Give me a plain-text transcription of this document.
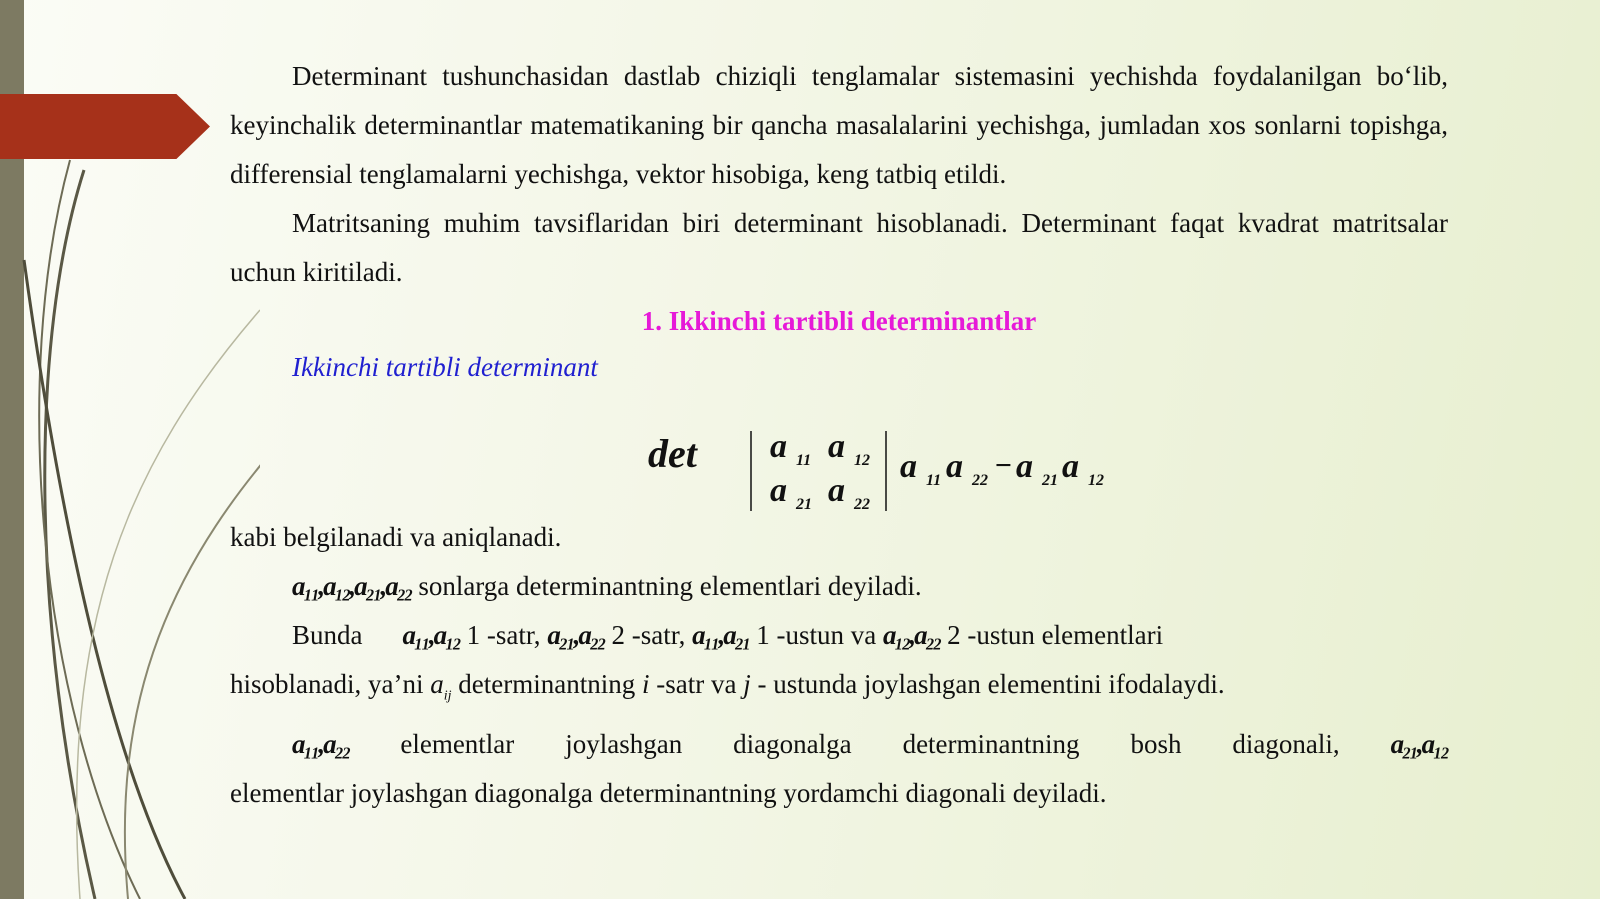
Determinant tushunchasidan dastlab chiziqli tenglamalar sistemasini yechishda foydalanilgan bo‘lib, keyinchalik determinantlar matematikaning bir qancha masalalarini yechishga, jumladan xos sonlarni topishga, differensial tenglamalarni yechishga, vektor hisobiga, keng tatbiq etildi.

Matritsaning muhim tavsiflaridan biri determinant hisoblanadi. Determinant faqat kvadrat matritsalar uchun kiritiladi.

1. Ikkinchi tartibli determinantlar

Ikkinchi tartibli determinant

det a 11 a 12
a 21 a 22
a 11 a 22 − a 21 a 12

kabi belgilanadi va aniqlanadi.

a₁₁,a₁₂,a₂₁,a₂₂ sonlarga determinantning elementlari deyiladi.

Bunda a₁₁,a₁₂ 1 -satr, a₂₁,a₂₂ 2 -satr, a₁₁,a₂₁ 1 -ustun va a₁₂,a₂₂ 2 -ustun elementlari

hisoblanadi, ya’ni $a_{ij}$ determinantning i -satr va j - ustunda joylashgan elementini ifodalaydi.

a₁₁,a₂₂ elementlar joylashgan diagonalga determinantning bosh diagonali, a₂₁,a₁₂

elementlar joylashgan diagonalga determinantning yordamchi diagonali deyiladi.
